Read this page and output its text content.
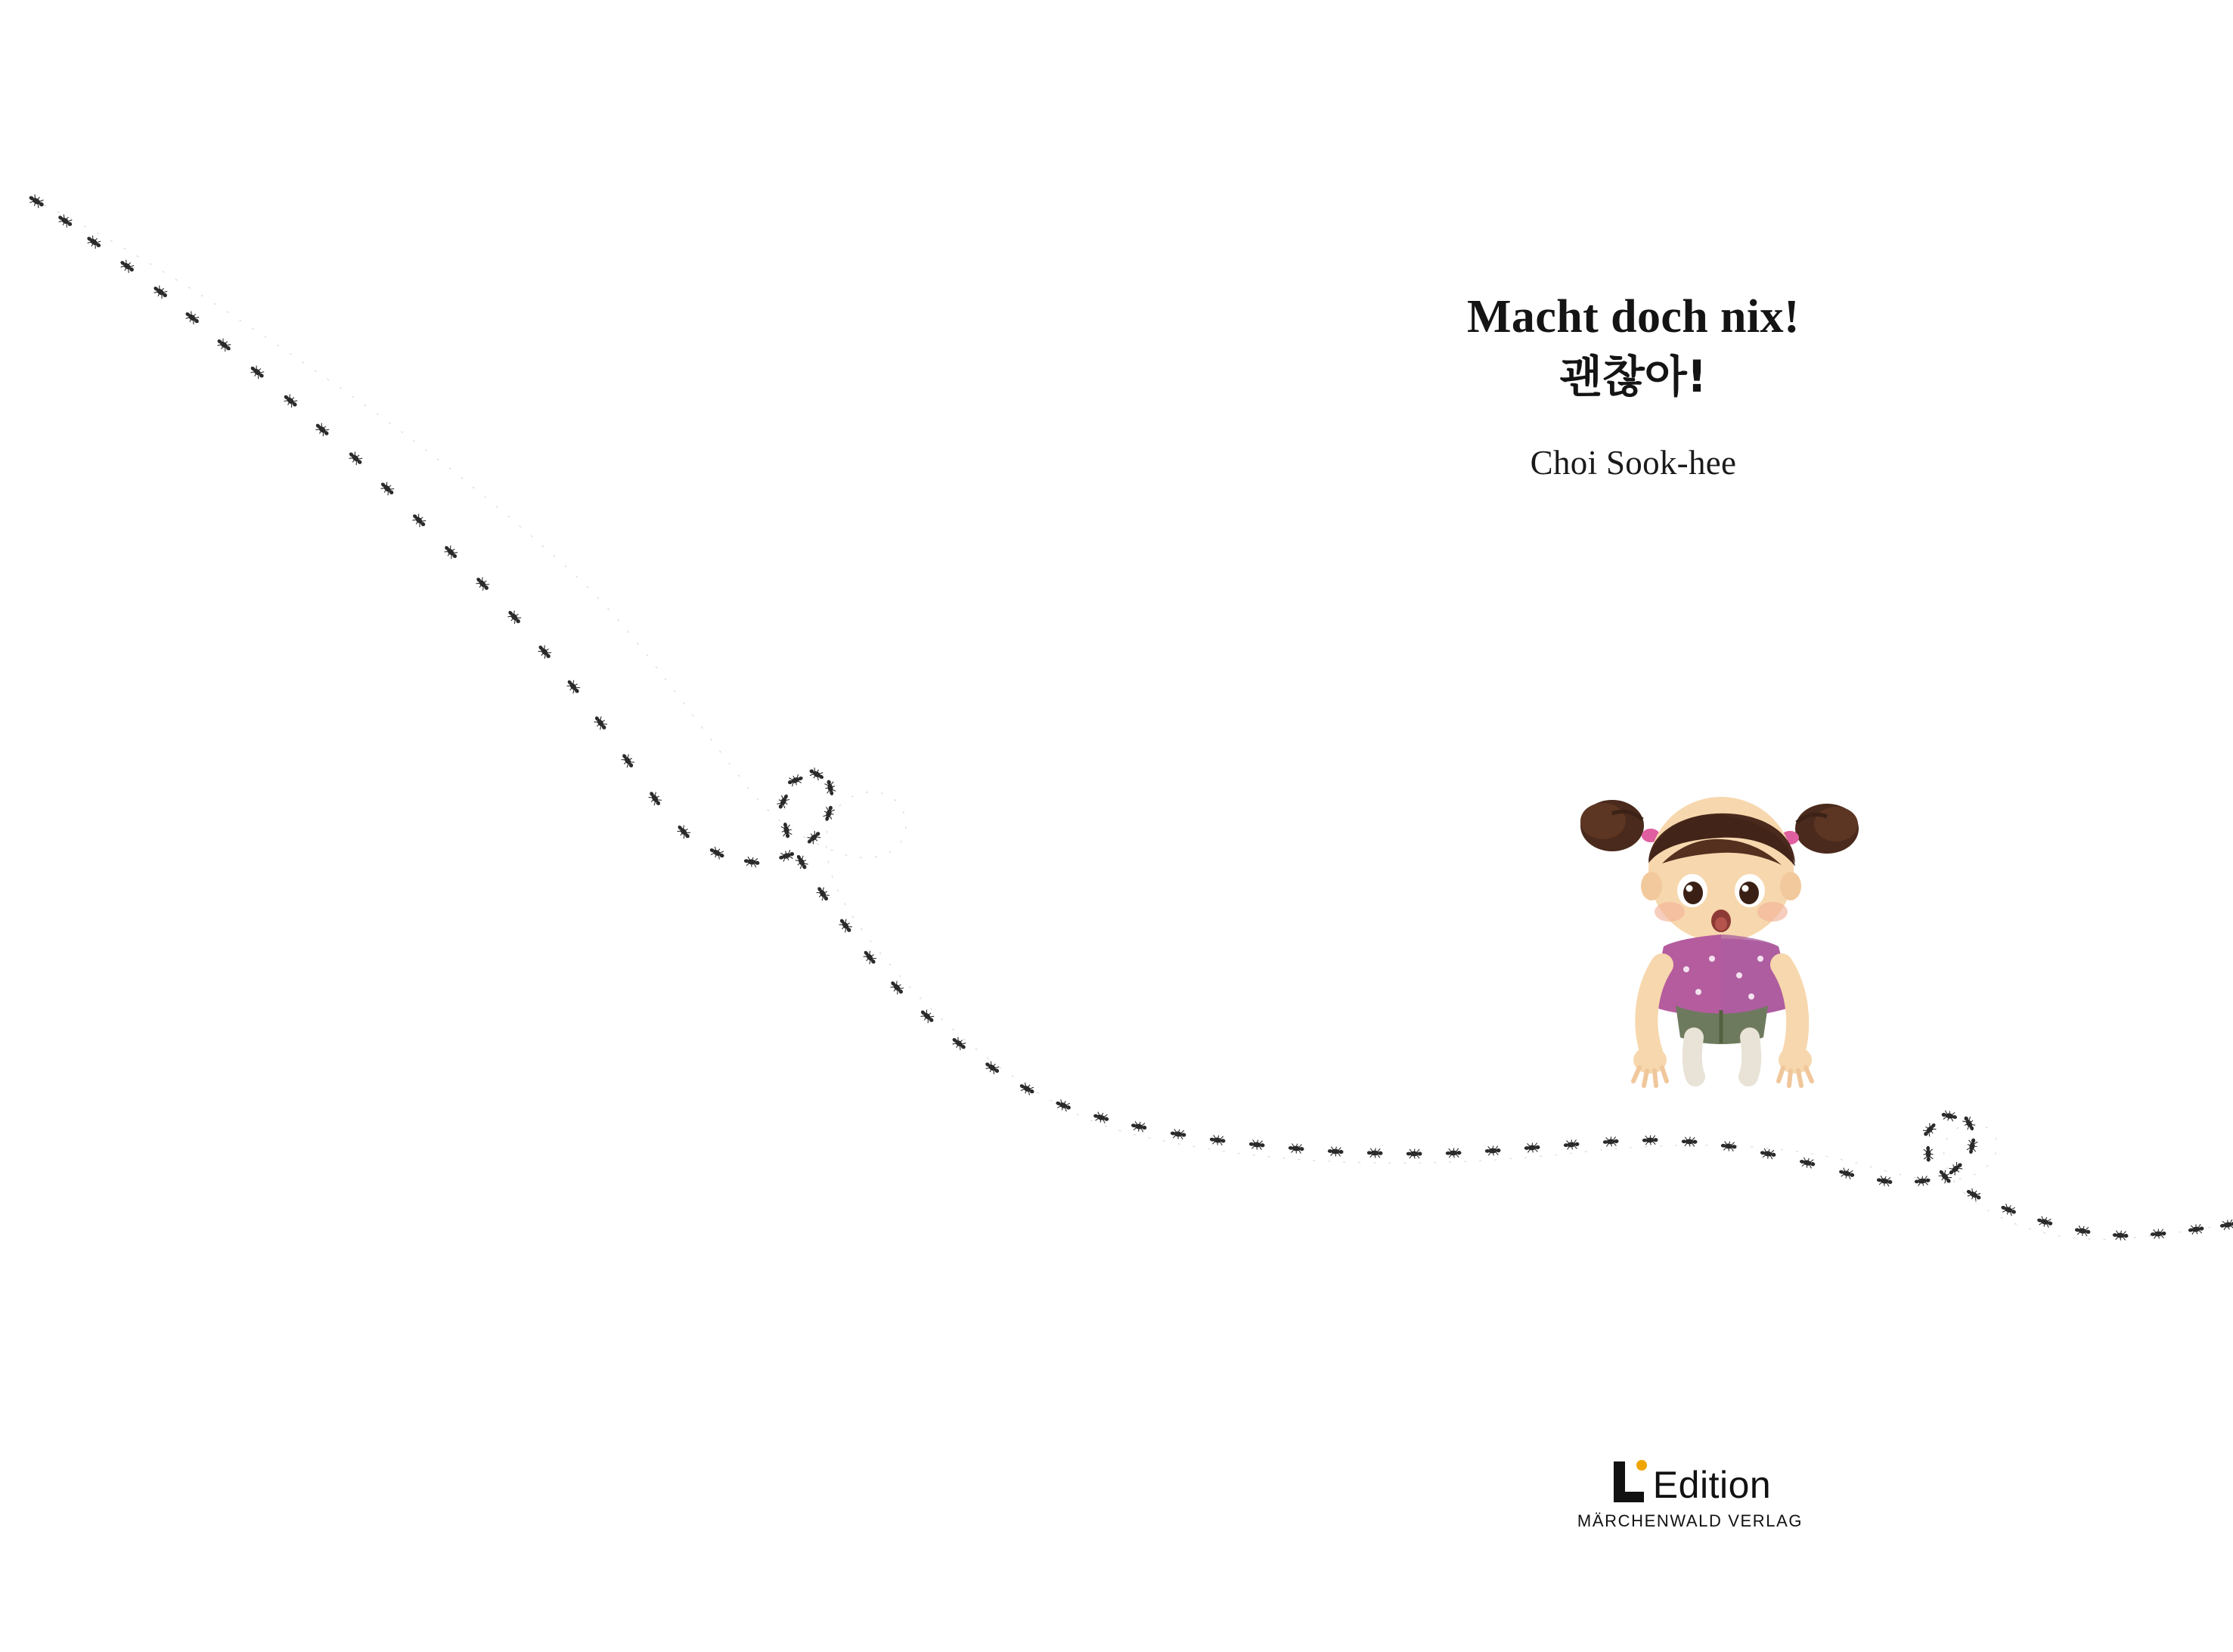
Macht doch nix!
괜찮아!

Choi Sook-hee

Edition
MÄRCHENWALD VERLAG
